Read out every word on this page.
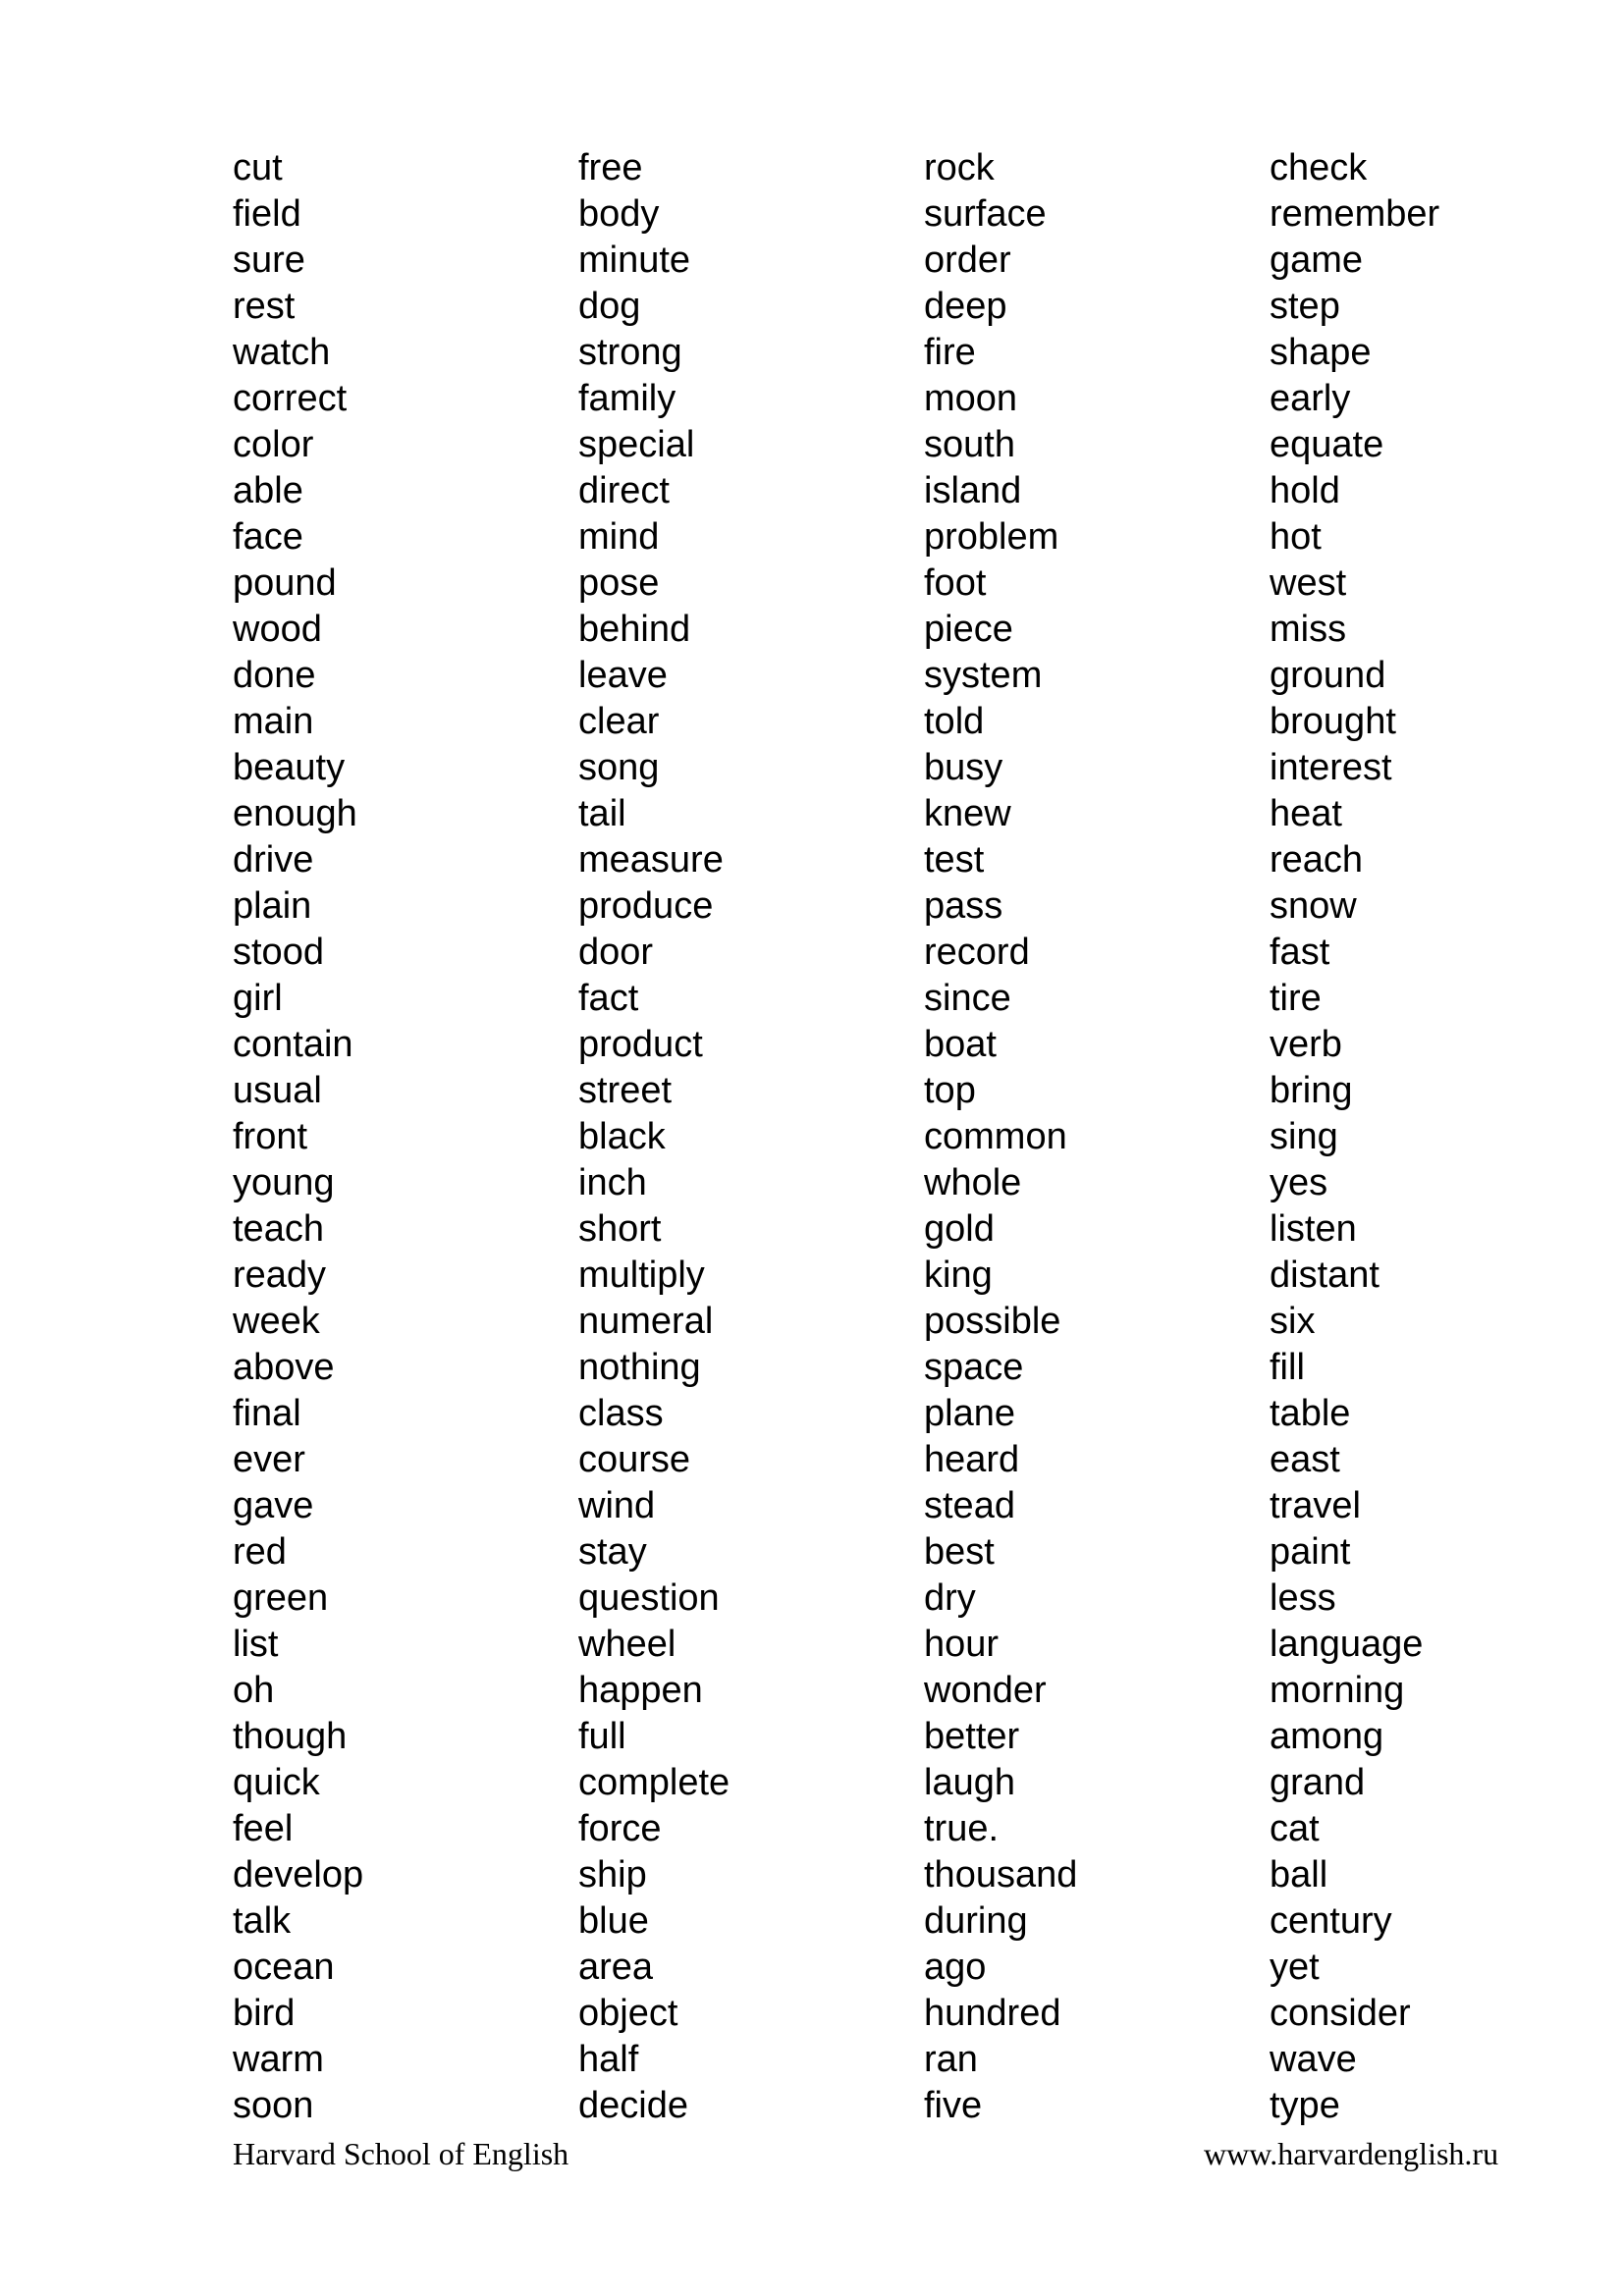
cut
field
sure
rest
watch
correct
color
able
face
pound
wood
done
main
beauty
enough
drive
plain
stood
girl
contain
usual
front
young
teach
ready
week
above
final
ever
gave
red
green
list
oh
though
quick
feel
develop
talk
ocean
bird
warm
soon
free
body
minute
dog
strong
family
special
direct
mind
pose
behind
leave
clear
song
tail
measure
produce
door
fact
product
street
black
inch
short
multiply
numeral
nothing
class
course
wind
stay
question
wheel
happen
full
complete
force
ship
blue
area
object
half
decide
rock
surface
order
deep
fire
moon
south
island
problem
foot
piece
system
told
busy
knew
test
pass
record
since
boat
top
common
whole
gold
king
possible
space
plane
heard
stead
best
dry
hour
wonder
better
laugh
true.
thousand
during
ago
hundred
ran
five
check
remember
game
step
shape
early
equate
hold
hot
west
miss
ground
brought
interest
heat
reach
snow
fast
tire
verb
bring
sing
yes
listen
distant
six
fill
table
east
travel
paint
less
language
morning
among
grand
cat
ball
century
yet
consider
wave
type
Harvard School of English	www.harvardenglish.ru
